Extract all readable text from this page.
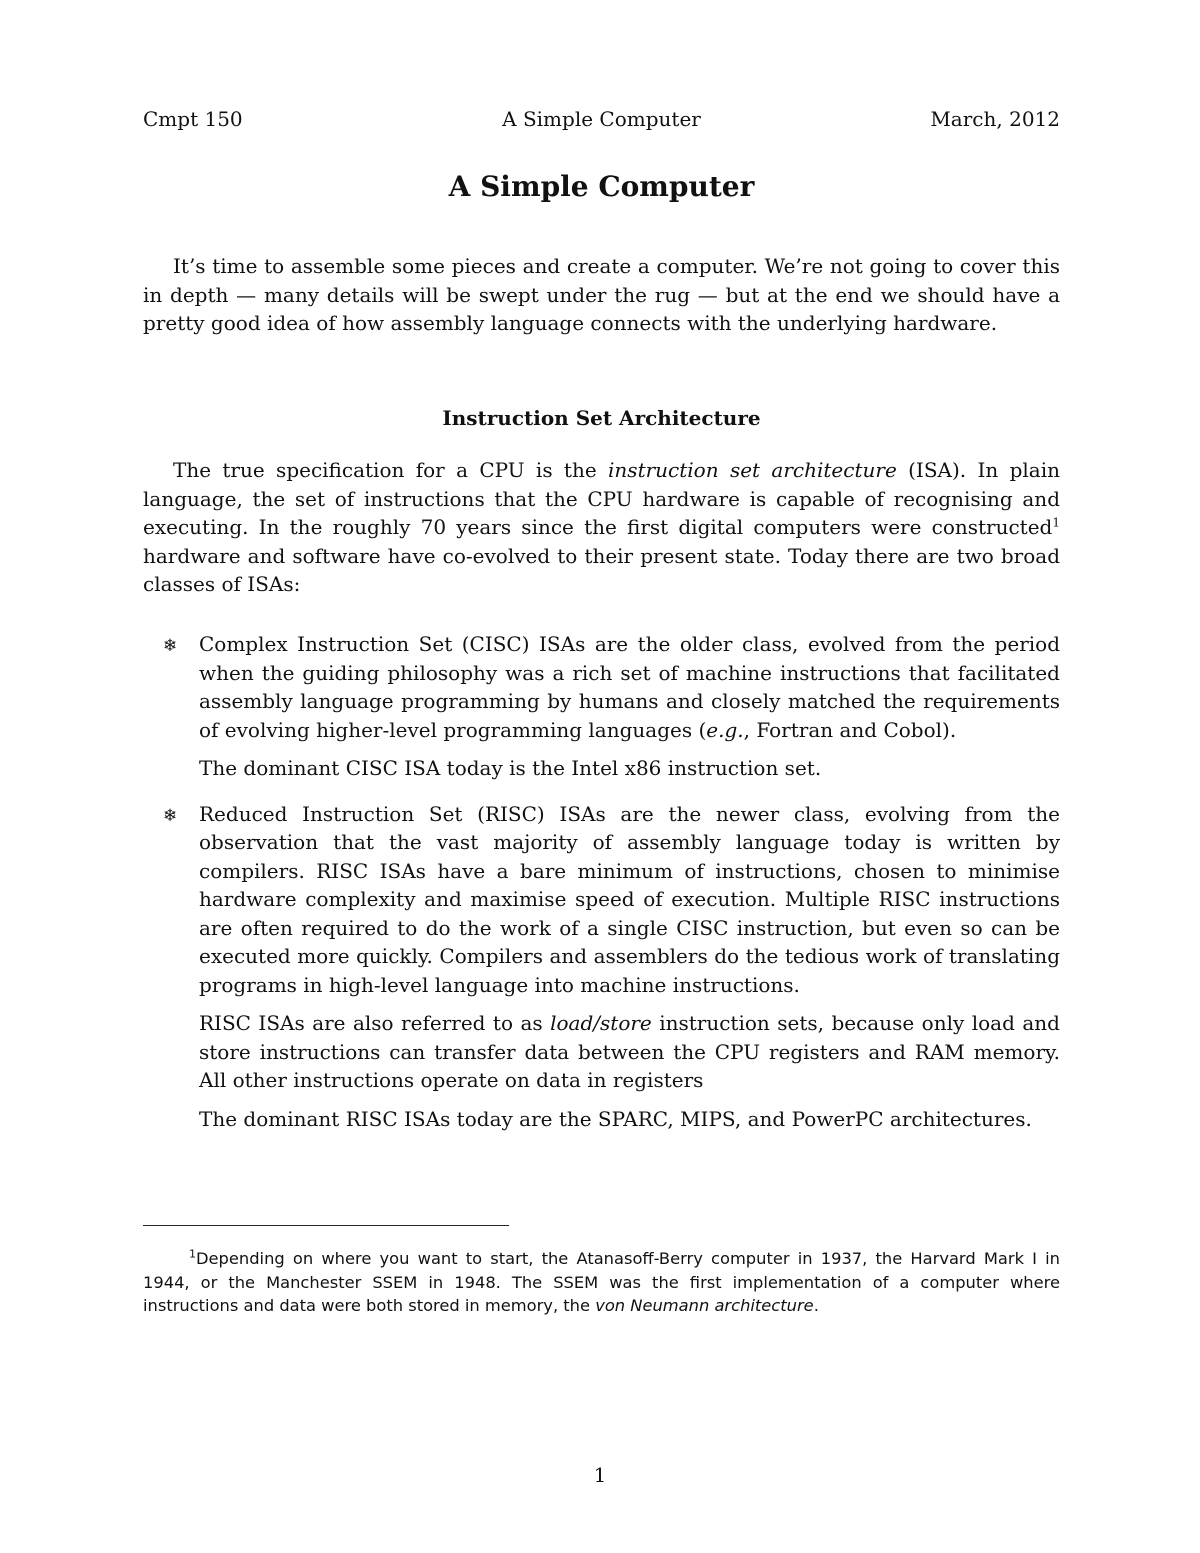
Cmpt 150	A Simple Computer	March, 2012
A Simple Computer

It’s time to assemble some pieces and create a computer. We’re not going to cover this in depth — many details will be swept under the rug — but at the end we should have a pretty good idea of how assembly language connects with the underlying hardware.

Instruction Set Architecture

The true specification for a CPU is the instruction set architecture (ISA). In plain language, the set of instructions that the CPU hardware is capable of recognising and executing. In the roughly 70 years since the first digital computers were constructed$^1$ hardware and software have co-evolved to their present state. Today there are two broad classes of ISAs:

❄ Complex Instruction Set (CISC) ISAs are the older class, evolved from the period when the guiding philosophy was a rich set of machine instructions that facilitated assembly language programming by humans and closely matched the requirements of evolving higher-level programming languages (e.g., Fortran and Cobol).

The dominant CISC ISA today is the Intel x86 instruction set.

❄ Reduced Instruction Set (RISC) ISAs are the newer class, evolving from the observation that the vast majority of assembly language today is written by compilers. RISC ISAs have a bare minimum of instructions, chosen to minimise hardware complexity and maximise speed of execution. Multiple RISC instructions are often required to do the work of a single CISC instruction, but even so can be executed more quickly. Compilers and assemblers do the tedious work of translating programs in high-level language into machine instructions.

RISC ISAs are also referred to as load/store instruction sets, because only load and store instructions can transfer data between the CPU registers and RAM memory. All other instructions operate on data in registers

The dominant RISC ISAs today are the SPARC, MIPS, and PowerPC architectures.

$^1$Depending on where you want to start, the Atanasoff-Berry computer in 1937, the Harvard Mark I in 1944, or the Manchester SSEM in 1948. The SSEM was the first implementation of a computer where instructions and data were both stored in memory, the von Neumann architecture.

1
